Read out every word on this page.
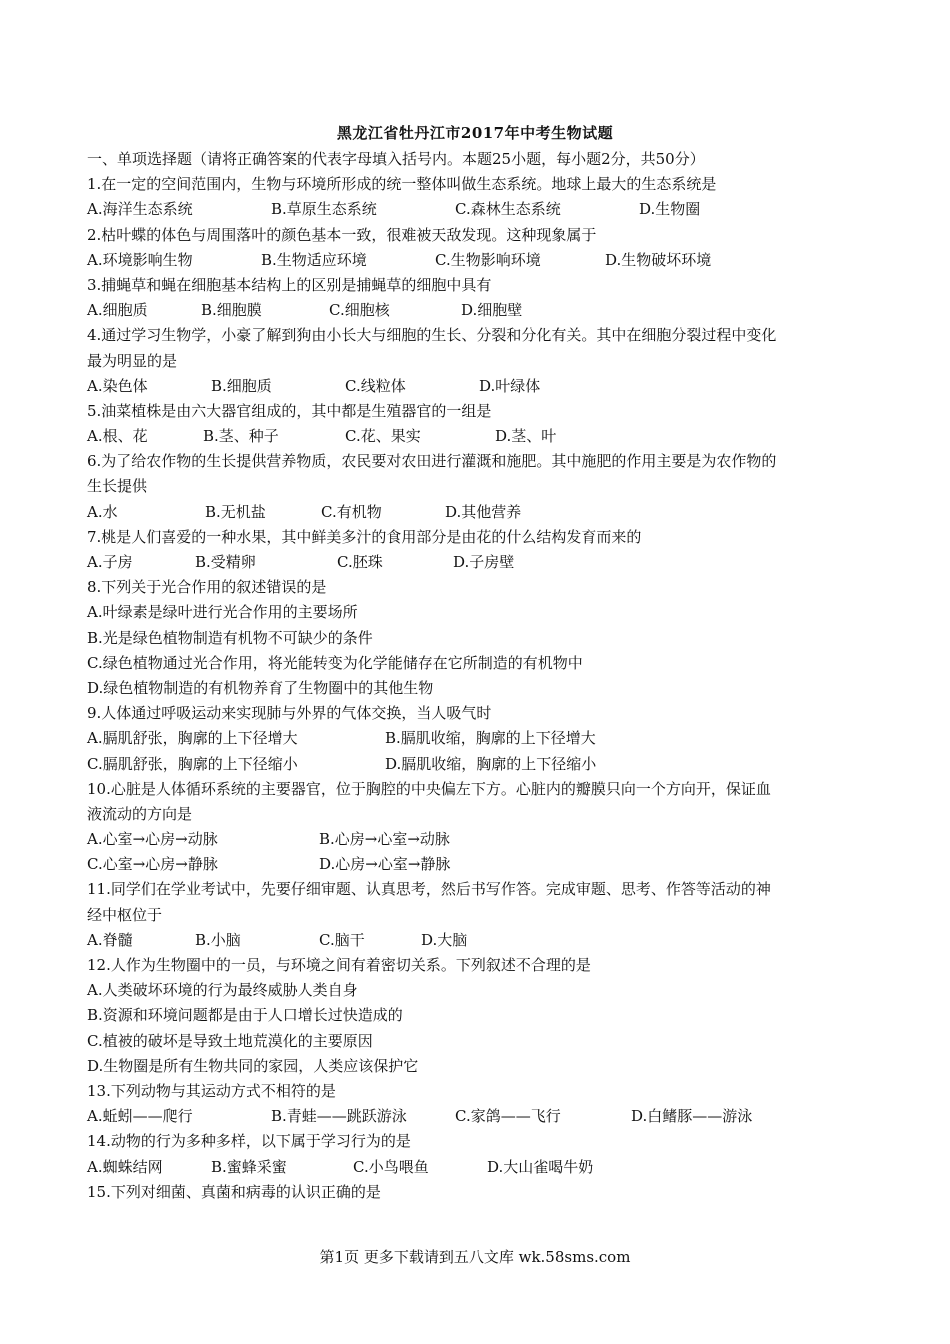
黑龙江省牡丹江市2017年中考生物试题
一、单项选择题（请将正确答案的代表字母填入括号内。本题25小题，每小题2分，共50分）
1.在一定的空间范围内，生物与环境所形成的统一整体叫做生态系统。地球上最大的生态系统是
A.海洋生态系统	B.草原生态系统	C.森林生态系统	D.生物圈
2.枯叶蝶的体色与周围落叶的颜色基本一致，很难被天敌发现。这种现象属于
A.环境影响生物	B.生物适应环境	C.生物影响环境	D.生物破坏环境
3.捕蝇草和蝇在细胞基本结构上的区别是捕蝇草的细胞中具有
A.细胞质	B.细胞膜	C.细胞核	D.细胞壁
4.通过学习生物学，小豪了解到狗由小长大与细胞的生长、分裂和分化有关。其中在细胞分裂过程中变化
最为明显的是
A.染色体	B.细胞质	C.线粒体	D.叶绿体
5.油菜植株是由六大器官组成的，其中都是生殖器官的一组是
A.根、花	B.茎、种子	C.花、果实	D.茎、叶
6.为了给农作物的生长提供营养物质，农民要对农田进行灌溉和施肥。其中施肥的作用主要是为农作物的
生长提供
A.水	B.无机盐	C.有机物	D.其他营养
7.桃是人们喜爱的一种水果，其中鲜美多汁的食用部分是由花的什么结构发育而来的
A.子房	B.受精卵	C.胚珠	D.子房壁
8.下列关于光合作用的叙述错误的是
A.叶绿素是绿叶进行光合作用的主要场所
B.光是绿色植物制造有机物不可缺少的条件
C.绿色植物通过光合作用，将光能转变为化学能储存在它所制造的有机物中
D.绿色植物制造的有机物养育了生物圈中的其他生物
9.人体通过呼吸运动来实现肺与外界的气体交换，当人吸气时
A.膈肌舒张，胸廓的上下径增大	B.膈肌收缩，胸廓的上下径增大
C.膈肌舒张，胸廓的上下径缩小	D.膈肌收缩，胸廓的上下径缩小
10.心脏是人体循环系统的主要器官，位于胸腔的中央偏左下方。心脏内的瓣膜只向一个方向开，保证血
液流动的方向是
A.心室→心房→动脉	B.心房→心室→动脉
C.心室→心房→静脉	D.心房→心室→静脉
11.同学们在学业考试中，先要仔细审题、认真思考，然后书写作答。完成审题、思考、作答等活动的神
经中枢位于
A.脊髓	B.小脑	C.脑干	D.大脑
12.人作为生物圈中的一员，与环境之间有着密切关系。下列叙述不合理的是
A.人类破坏环境的行为最终威胁人类自身
B.资源和环境问题都是由于人口增长过快造成的
C.植被的破坏是导致土地荒漠化的主要原因
D.生物圈是所有生物共同的家园，人类应该保护它
13.下列动物与其运动方式不相符的是
A.蚯蚓——爬行	B.青蛙——跳跃游泳	C.家鸽——飞行	D.白鳍豚——游泳
14.动物的行为多种多样，以下属于学习行为的是
A.蜘蛛结网	B.蜜蜂采蜜	C.小鸟喂鱼	D.大山雀喝牛奶
15.下列对细菌、真菌和病毒的认识正确的是
第1页 更多下载请到五八文库 wk.58sms.com
